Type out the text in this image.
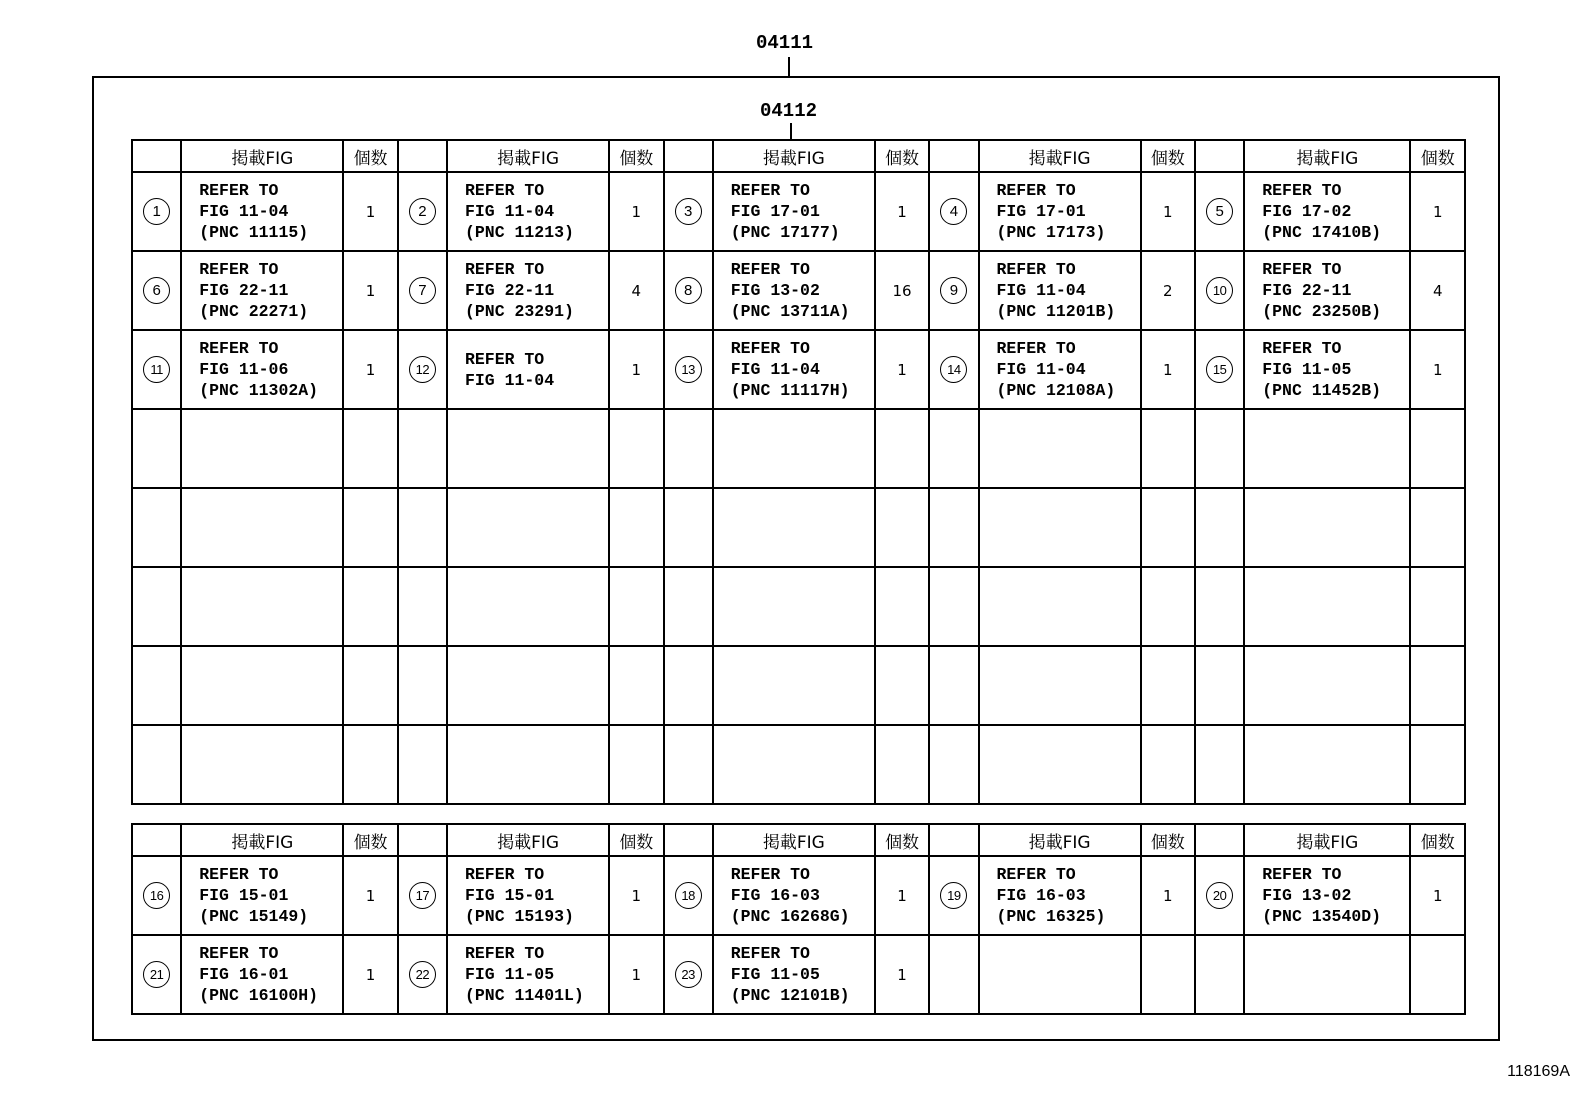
04111
04112
	掲載FIG	個数		掲載FIG	個数		掲載FIG	個数		掲載FIG	個数		掲載FIG	個数
1	REFER TO
FIG 11-04
(PNC 11115)	1	2	REFER TO
FIG 11-04
(PNC 11213)	1	3	REFER TO
FIG 17-01
(PNC 17177)	1	4	REFER TO
FIG 17-01
(PNC 17173)	1	5	REFER TO
FIG 17-02
(PNC 17410B)	1
6	REFER TO
FIG 22-11
(PNC 22271)	1	7	REFER TO
FIG 22-11
(PNC 23291)	4	8	REFER TO
FIG 13-02
(PNC 13711A)	16	9	REFER TO
FIG 11-04
(PNC 11201B)	2	10	REFER TO
FIG 22-11
(PNC 23250B)	4
11	REFER TO
FIG 11-06
(PNC 11302A)	1	12	REFER TO
FIG 11-04	1	13	REFER TO
FIG 11-04
(PNC 11117H)	1	14	REFER TO
FIG 11-04
(PNC 12108A)	1	15	REFER TO
FIG 11-05
(PNC 11452B)	1

	掲載FIG	個数		掲載FIG	個数		掲載FIG	個数		掲載FIG	個数		掲載FIG	個数
16	REFER TO
FIG 15-01
(PNC 15149)	1	17	REFER TO
FIG 15-01
(PNC 15193)	1	18	REFER TO
FIG 16-03
(PNC 16268G)	1	19	REFER TO
FIG 16-03
(PNC 16325)	1	20	REFER TO
FIG 13-02
(PNC 13540D)	1
21	REFER TO
FIG 16-01
(PNC 16100H)	1	22	REFER TO
FIG 11-05
(PNC 11401L)	1	23	REFER TO
FIG 11-05
(PNC 12101B)	1						
118169A
